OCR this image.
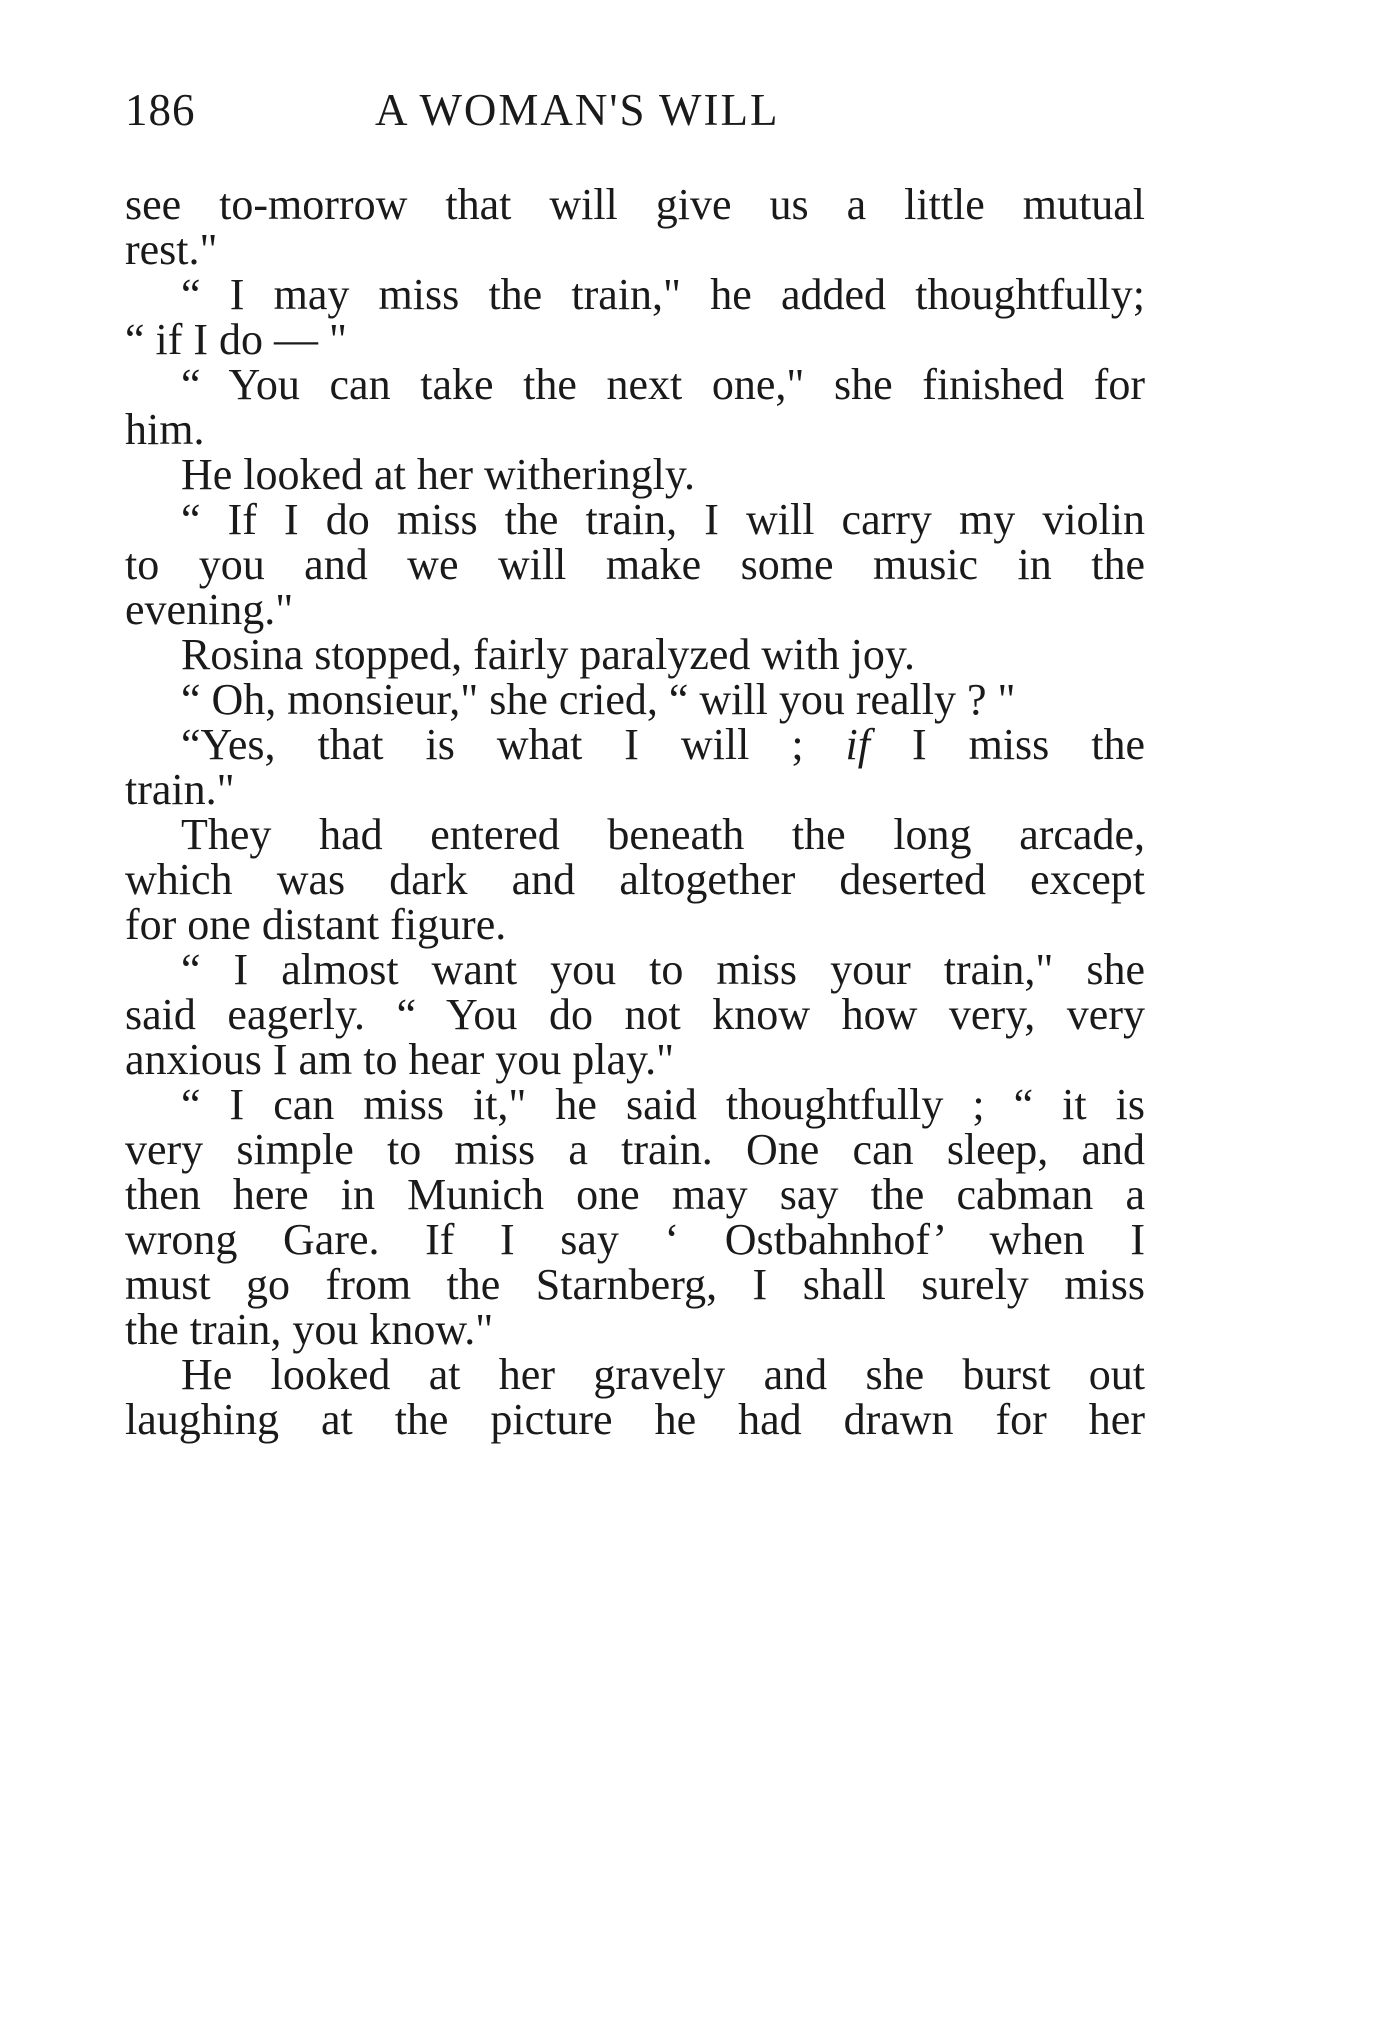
186	A WOMAN'S WILL
see to-morrow that will give us a little mutual
rest."
“ I may miss the train," he added thoughtfully;
“ if I do — "
“ You can take the next one," she finished for
him.
He looked at her witheringly.
“ If I do miss the train, I will carry my violin
to you and we will make some music in the
evening."
Rosina stopped, fairly paralyzed with joy.
“ Oh, monsieur," she cried, “ will you really ? "
“Yes, that is what I will ; if I miss the
train."
They had entered beneath the long arcade,
which was dark and altogether deserted except
for one distant figure.
“ I almost want you to miss your train," she
said eagerly. “ You do not know how very, very
anxious I am to hear you play."
“ I can miss it," he said thoughtfully ; “ it is
very simple to miss a train. One can sleep, and
then here in Munich one may say the cabman a
wrong Gare. If I say ‘ Ostbahnhof’ when I
must go from the Starnberg, I shall surely miss
the train, you know."
He looked at her gravely and she burst out
laughing at the picture he had drawn for her
